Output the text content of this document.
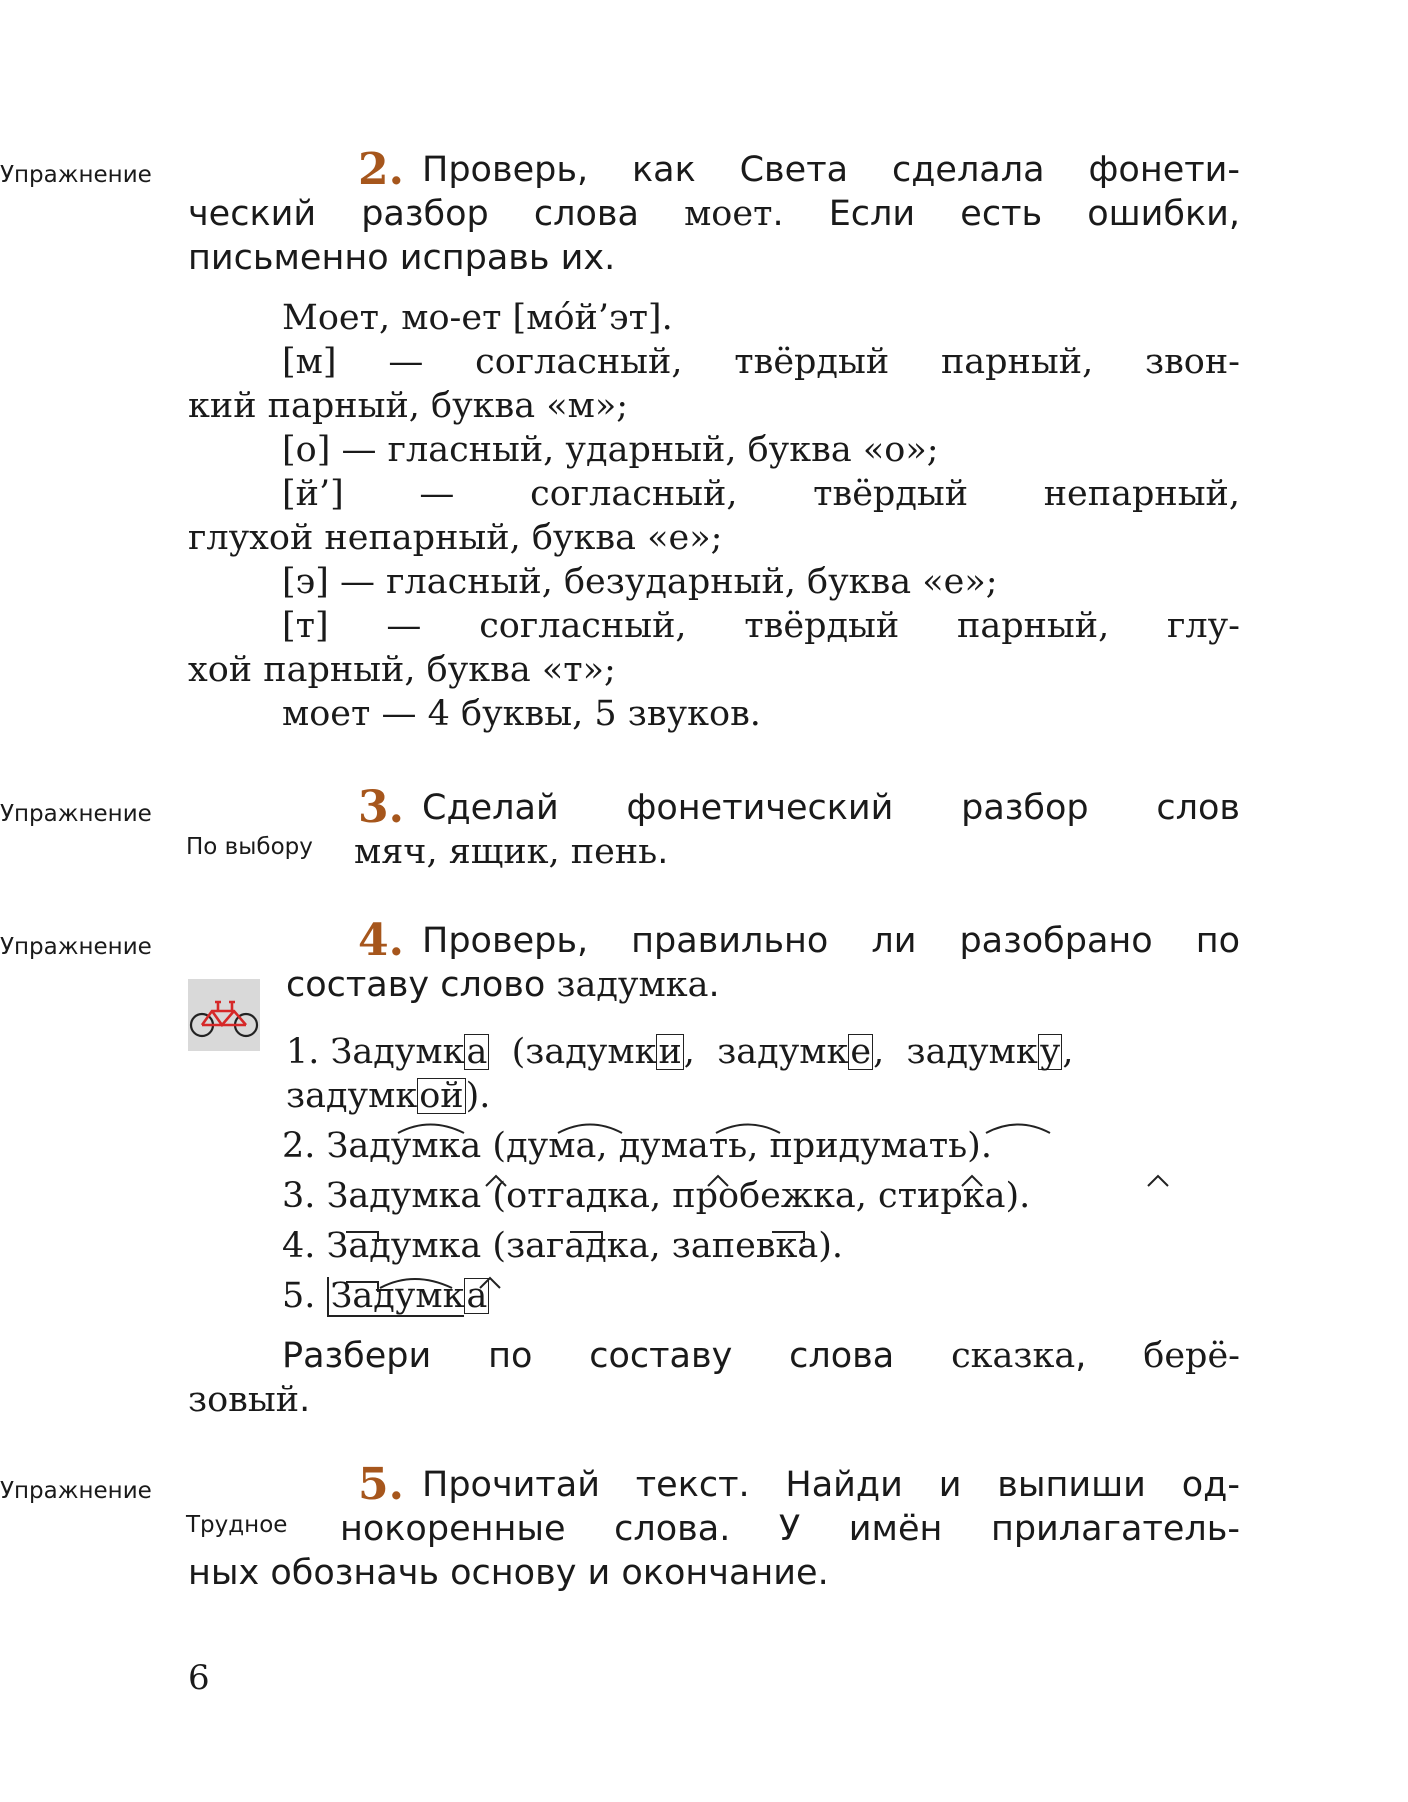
Упражнение	2. Проверь, как Света сделала фонети-
ческий разбор слова моет. Если есть ошибки,
письменно исправь их.
Моет, мо-ет [мо́й’эт].
[м] — согласный, твёрдый парный, звон-
кий парный, буква «м»;
[о] — гласный, ударный, буква «о»;
[й’] — согласный, твёрдый непарный,
глухой непарный, буква «е»;
[э] — гласный, безударный, буква «е»;
[т] — согласный, твёрдый парный, глу-
хой парный, буква «т»;
моет — 4 буквы, 5 звуков.
Упражнение
По выбору
3. Сделай фонетический разбор слов
мяч, ящик, пень.
Упражнение	4. Проверь, правильно ли разобрано по
составу слово задумка.
1. Задумка (задумки, задумке, задумку,
задумкой).
2. Задумка (дума, думать, придумать).
3. Задумка (отгадка, пробежка, стирка).
4. Задумка (загадка, запевка).
5. Задумка
Разбери по составу слова сказка, берё-
зовый.
Упражнение
Трудное
5. Прочитай текст. Найди и выпиши од-
нокоренные слова. У имён прилагатель-
ных обозначь основу и окончание.
6
